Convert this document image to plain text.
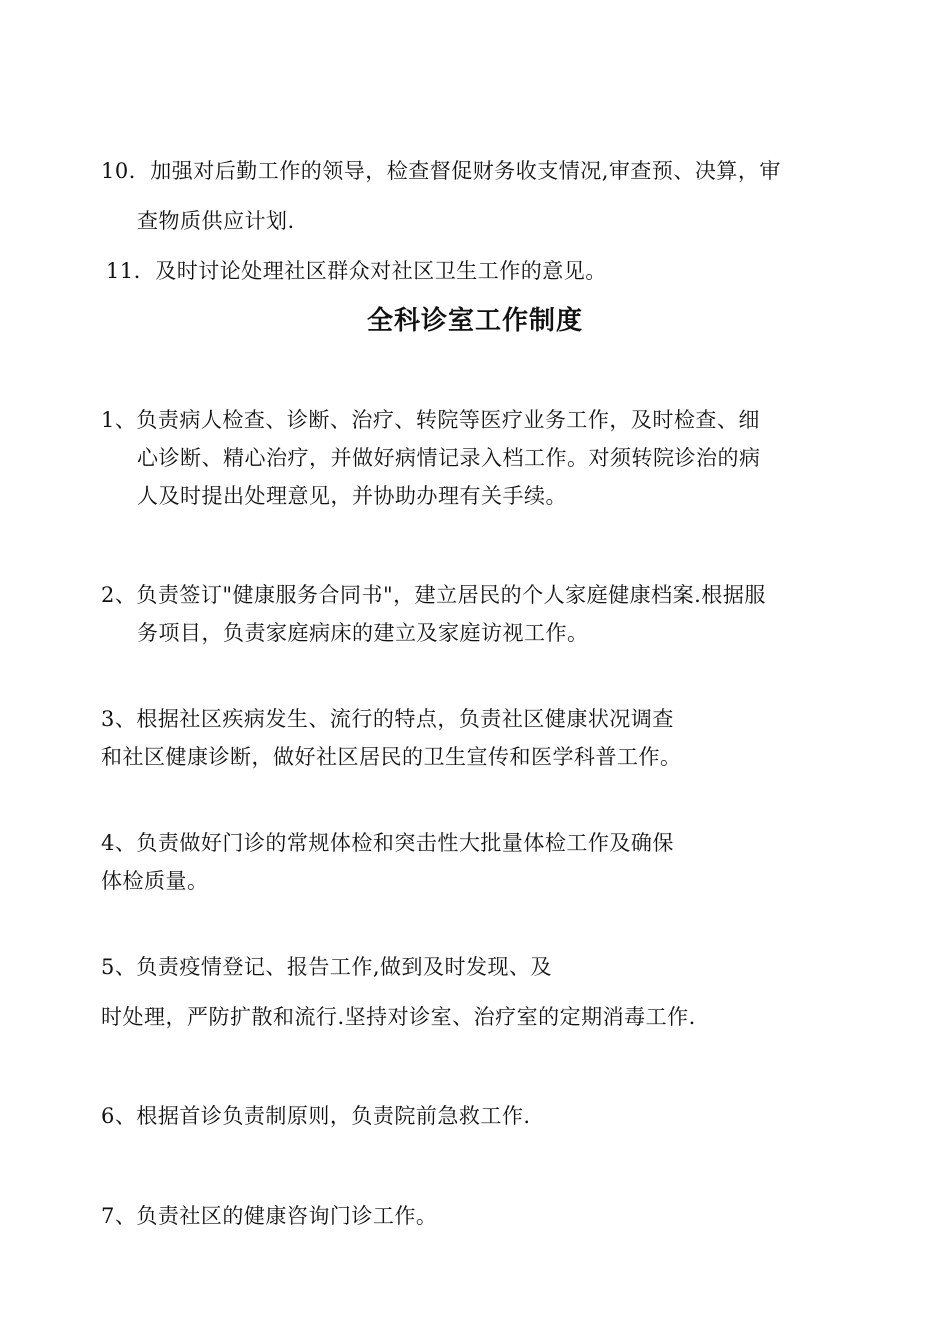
10．加强对后勤工作的领导，检查督促财务收支情况,审查预、决算，审
查物质供应计划.
11．及时讨论处理社区群众对社区卫生工作的意见。
全科诊室工作制度
1、负责病人检查、诊断、治疗、转院等医疗业务工作，及时检查、细
心诊断、精心治疗，并做好病情记录入档工作。对须转院诊治的病
人及时提出处理意见，并协助办理有关手续。
2、负责签订"健康服务合同书"，建立居民的个人家庭健康档案.根据服
务项目，负责家庭病床的建立及家庭访视工作。
3、根据社区疾病发生、流行的特点，负责社区健康状况调查
和社区健康诊断，做好社区居民的卫生宣传和医学科普工作。
4、负责做好门诊的常规体检和突击性大批量体检工作及确保
体检质量。
5、负责疫情登记、报告工作,做到及时发现、及
时处理，严防扩散和流行.坚持对诊室、治疗室的定期消毒工作.
6、根据首诊负责制原则，负责院前急救工作.
7、负责社区的健康咨询门诊工作。
